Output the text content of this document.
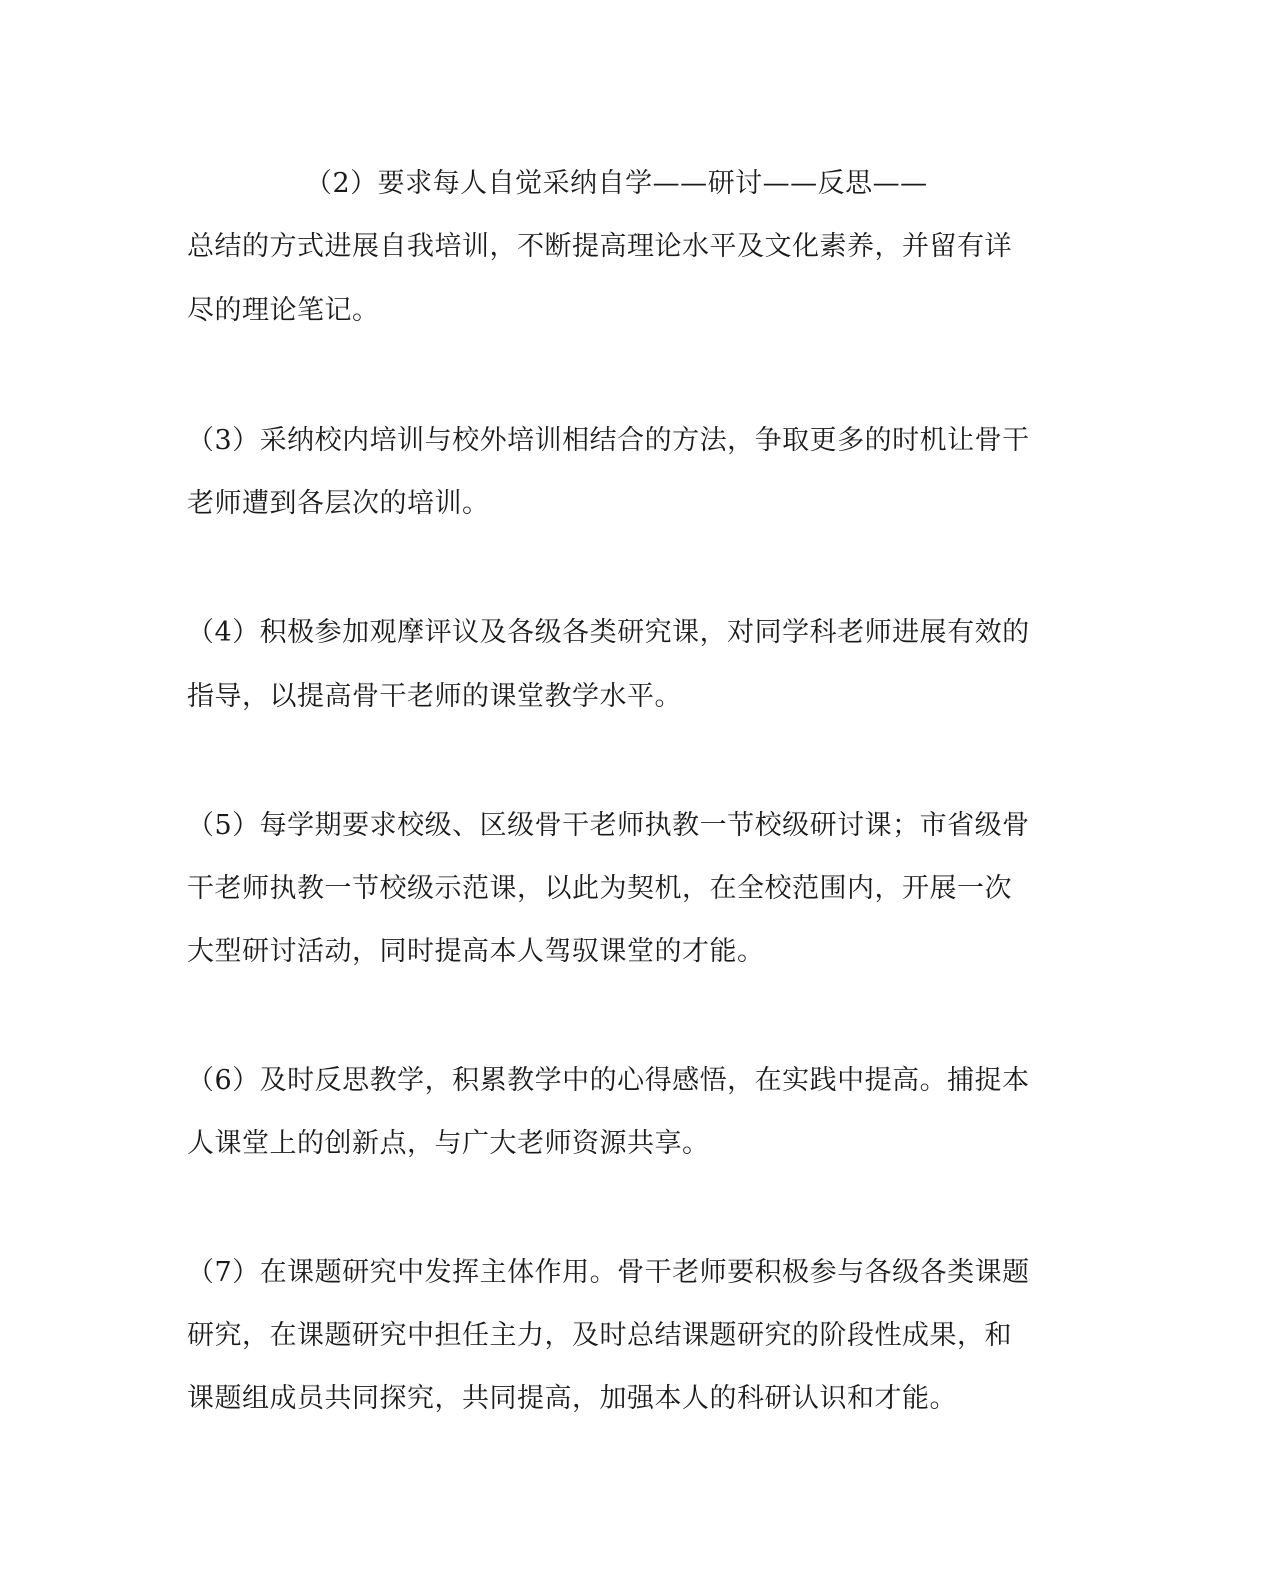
（2）要求每人自觉采纳自学——研讨——反思——
总结的方式进展自我培训，不断提高理论水平及文化素养，并留有详
尽的理论笔记。
（3）采纳校内培训与校外培训相结合的方法，争取更多的时机让骨干
老师遭到各层次的培训。
（4）积极参加观摩评议及各级各类研究课，对同学科老师进展有效的
指导，以提高骨干老师的课堂教学水平。
（5）每学期要求校级、区级骨干老师执教一节校级研讨课；市省级骨
干老师执教一节校级示范课，以此为契机，在全校范围内，开展一次
大型研讨活动，同时提高本人驾驭课堂的才能。
（6）及时反思教学，积累教学中的心得感悟，在实践中提高。捕捉本
人课堂上的创新点，与广大老师资源共享。
（7）在课题研究中发挥主体作用。骨干老师要积极参与各级各类课题
研究，在课题研究中担任主力，及时总结课题研究的阶段性成果，和
课题组成员共同探究，共同提高，加强本人的科研认识和才能。
